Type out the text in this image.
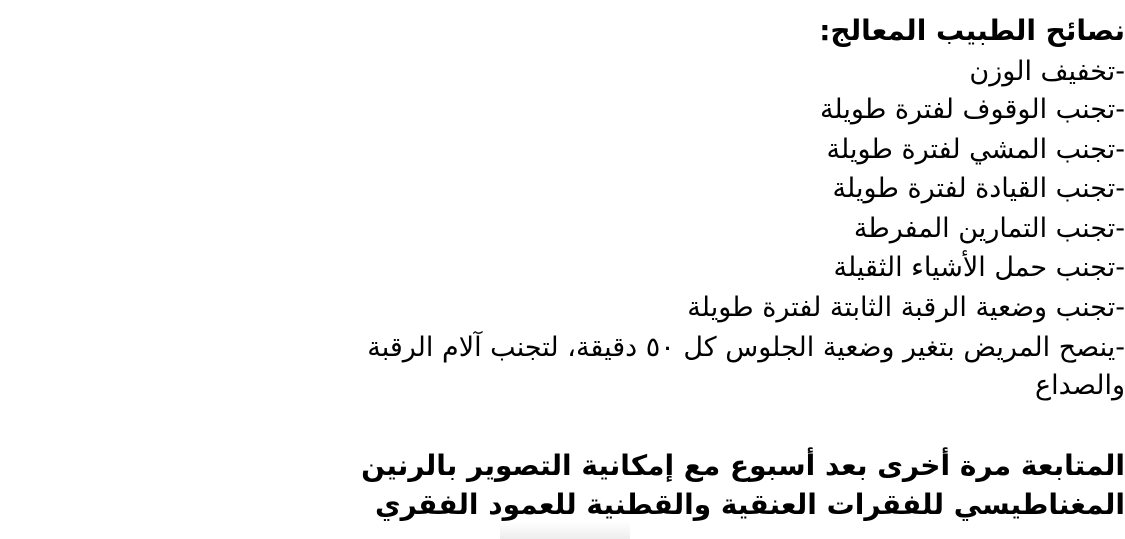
نصائح الطبيب المعالج:
-تخفيف الوزن
-تجنب الوقوف لفترة طويلة
-تجنب المشي لفترة طويلة
-تجنب القيادة لفترة طويلة
-تجنب التمارين المفرطة
-تجنب حمل الأشياء الثقيلة
-تجنب وضعية الرقبة الثابتة لفترة طويلة
-ينصح المريض بتغير وضعية الجلوس كل ٥٠ دقيقة، لتجنب آلام الرقبة
والصداع
المتابعة مرة أخرى بعد أسبوع مع إمكانية التصوير بالرنين
المغناطيسي للفقرات العنقية والقطنية للعمود الفقري
